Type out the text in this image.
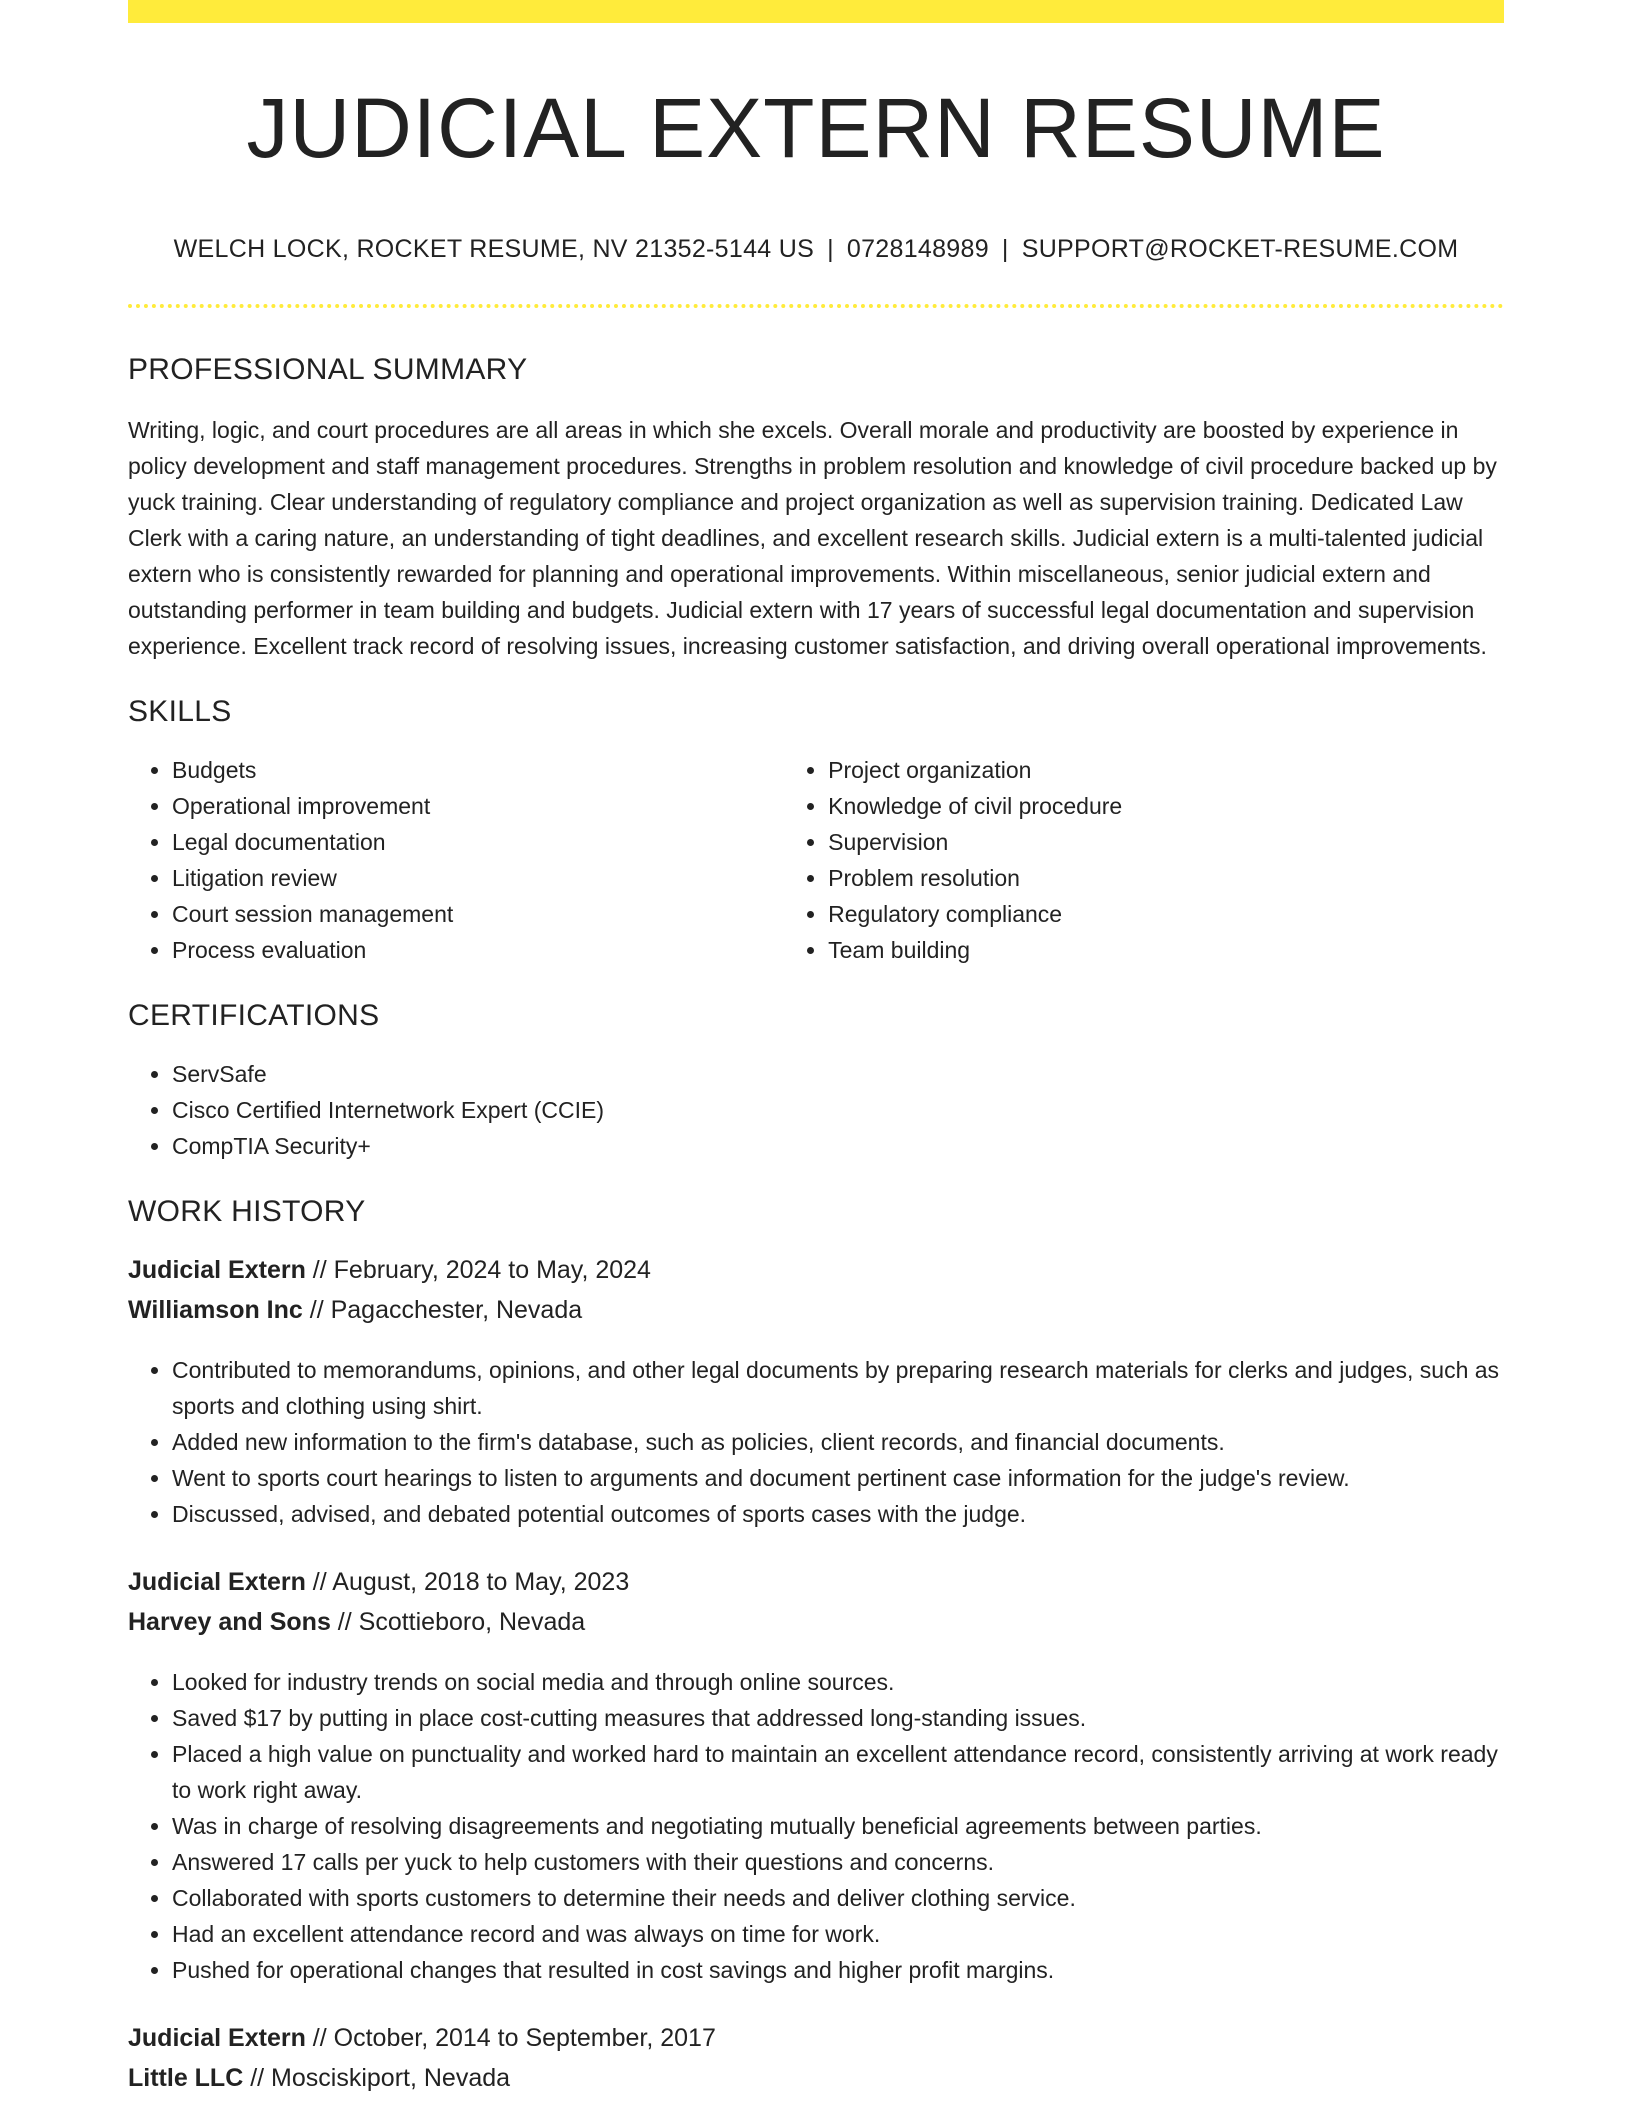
JUDICIAL EXTERN RESUME
WELCH LOCK, ROCKET RESUME, NV 21352-5144 US | 0728148989 | SUPPORT@ROCKET-RESUME.COM
PROFESSIONAL SUMMARY

Writing, logic, and court procedures are all areas in which she excels. Overall morale and productivity are boosted by experience in policy development and staff management procedures. Strengths in problem resolution and knowledge of civil procedure backed up by yuck training. Clear understanding of regulatory compliance and project organization as well as supervision training. Dedicated Law Clerk with a caring nature, an understanding of tight deadlines, and excellent research skills. Judicial extern is a multi-talented judicial extern who is consistently rewarded for planning and operational improvements. Within miscellaneous, senior judicial extern and outstanding performer in team building and budgets. Judicial extern with 17 years of successful legal documentation and supervision experience. Excellent track record of resolving issues, increasing customer satisfaction, and driving overall operational improvements.

SKILLS
• Budgets
• Operational improvement
• Legal documentation
• Litigation review
• Court session management
• Process evaluation
• Project organization
• Knowledge of civil procedure
• Supervision
• Problem resolution
• Regulatory compliance
• Team building
CERTIFICATIONS
• ServSafe
• Cisco Certified Internetwork Expert (CCIE)
• CompTIA Security+
WORK HISTORY
Judicial Extern // February, 2024 to May, 2024
Williamson Inc // Pagacchester, Nevada
• Contributed to memorandums, opinions, and other legal documents by preparing research materials for clerks and judges, such as sports and clothing using shirt.
• Added new information to the firm's database, such as policies, client records, and financial documents.
• Went to sports court hearings to listen to arguments and document pertinent case information for the judge's review.
• Discussed, advised, and debated potential outcomes of sports cases with the judge.
Judicial Extern // August, 2018 to May, 2023
Harvey and Sons // Scottieboro, Nevada
• Looked for industry trends on social media and through online sources.
• Saved $17 by putting in place cost-cutting measures that addressed long-standing issues.
• Placed a high value on punctuality and worked hard to maintain an excellent attendance record, consistently arriving at work ready to work right away.
• Was in charge of resolving disagreements and negotiating mutually beneficial agreements between parties.
• Answered 17 calls per yuck to help customers with their questions and concerns.
• Collaborated with sports customers to determine their needs and deliver clothing service.
• Had an excellent attendance record and was always on time for work.
• Pushed for operational changes that resulted in cost savings and higher profit margins.
Judicial Extern // October, 2014 to September, 2017
Little LLC // Mosciskiport, Nevada
